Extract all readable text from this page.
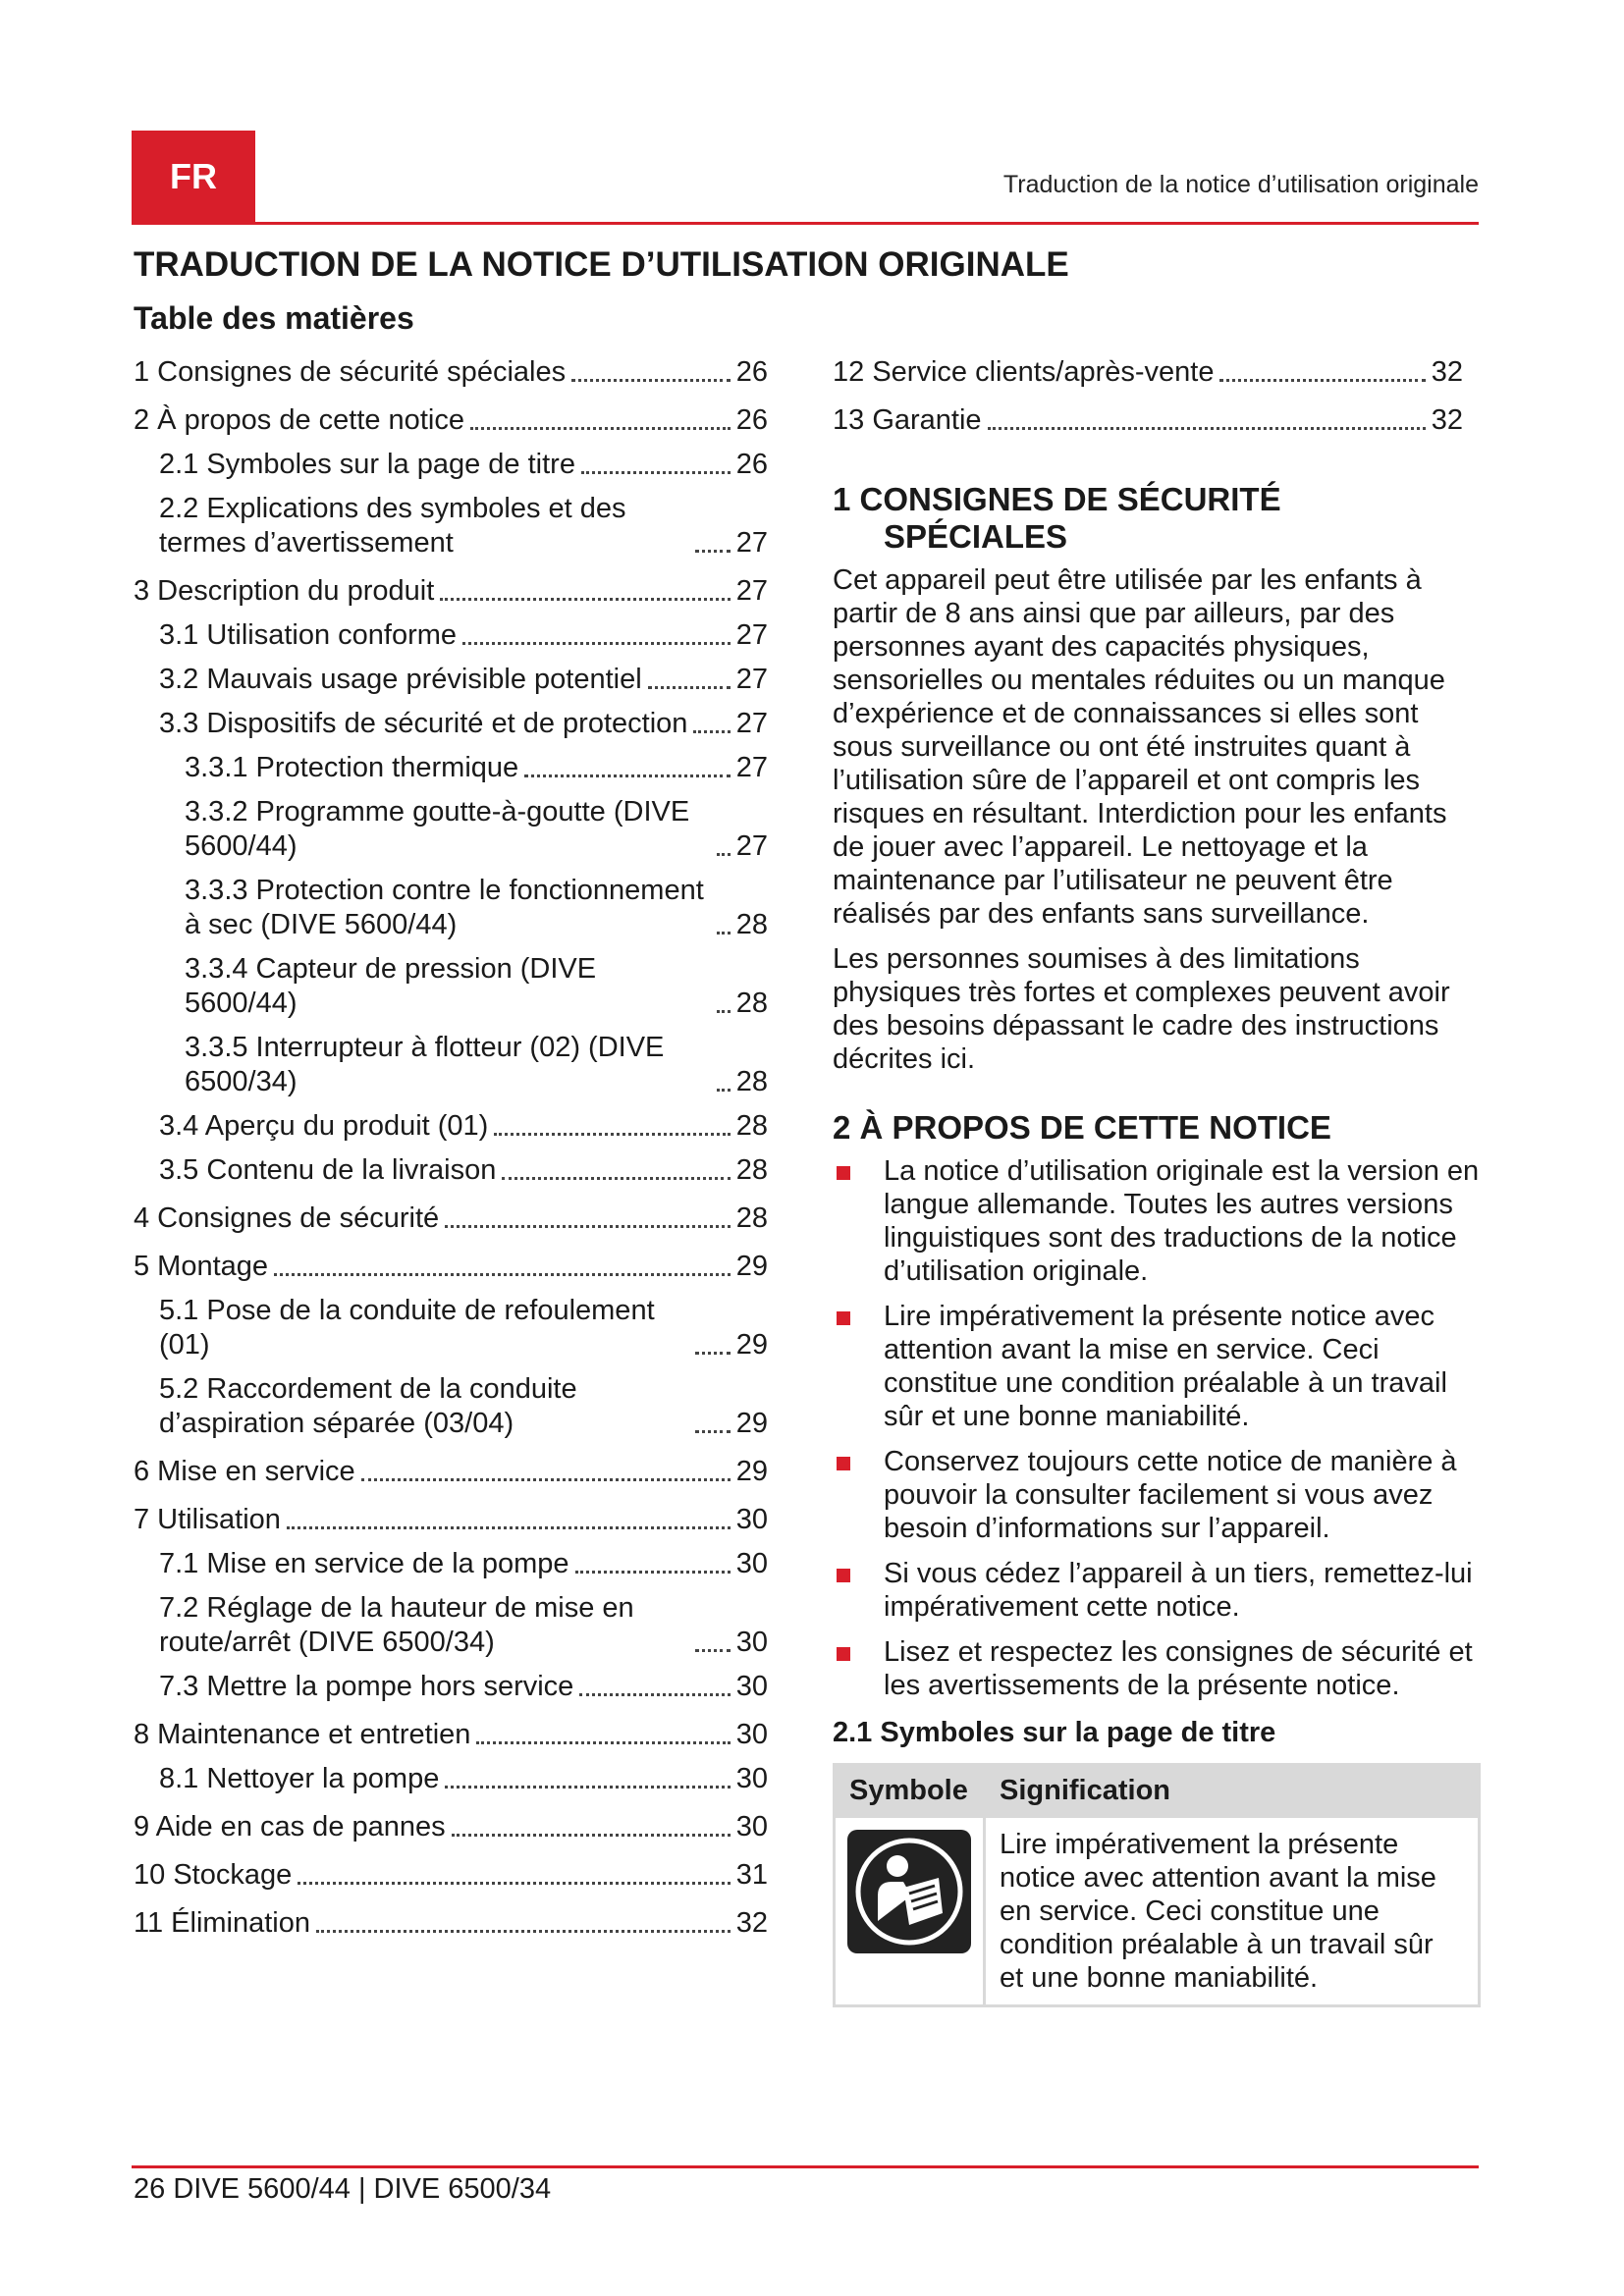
FR	Traduction de la notice d’utilisation originale
TRADUCTION DE LA NOTICE D’UTILISATION ORIGINALE
Table des matières
1 Consignes de sécurité spéciales	26
2 À propos de cette notice	26
2.1 Symboles sur la page de titre	26
2.2 Explications des symboles et des termes d’avertissement	27
3 Description du produit	27
3.1 Utilisation conforme	27
3.2 Mauvais usage prévisible potentiel	27
3.3 Dispositifs de sécurité et de protection 27
3.3.1 Protection thermique	27
3.3.2 Programme goutte-à-goutte (DIVE 5600/44)	27
3.3.3 Protection contre le fonctionnement à sec (DIVE 5600/44)	28
3.3.4 Capteur de pression (DIVE 5600/44)	28
3.3.5 Interrupteur à flotteur (02) (DIVE 6500/34)	28
3.4 Aperçu du produit (01)	28
3.5 Contenu de la livraison	28
4 Consignes de sécurité	28
5 Montage	29
5.1 Pose de la conduite de refoulement (01)	29
5.2 Raccordement de la conduite d’aspiration séparée (03/04)	29
6 Mise en service	29
7 Utilisation	30
7.1 Mise en service de la pompe	30
7.2 Réglage de la hauteur de mise en route/arrêt (DIVE 6500/34)	30
7.3 Mettre la pompe hors service	30
8 Maintenance et entretien	30
8.1 Nettoyer la pompe	30
9 Aide en cas de pannes	30
10 Stockage	31
11 Élimination	32
12 Service clients/après-vente	32
13 Garantie	32
1 CONSIGNES DE SÉCURITÉ
SPÉCIALES

Cet appareil peut être utilisée par les enfants à partir de 8 ans ainsi que par ailleurs, par des personnes ayant des capacités physiques, sensorielles ou mentales réduites ou un manque d’expérience et de connaissances si elles sont sous surveillance ou ont été instruites quant à l’utilisation sûre de l’appareil et ont compris les risques en résultant. Interdiction pour les enfants de jouer avec l’appareil. Le nettoyage et la maintenance par l’utilisateur ne peuvent être réalisés par des enfants sans surveillance.

Les personnes soumises à des limitations physiques très fortes et complexes peuvent avoir des besoins dépassant le cadre des instructions décrites ici.

2 À PROPOS DE CETTE NOTICE
La notice d’utilisation originale est la version en langue allemande. Toutes les autres versions linguistiques sont des traductions de la notice d’utilisation originale.
Lire impérativement la présente notice avec attention avant la mise en service. Ceci constitue une condition préalable à un travail sûr et une bonne maniabilité.
Conservez toujours cette notice de manière à pouvoir la consulter facilement si vous avez besoin d’informations sur l’appareil.
Si vous cédez l’appareil à un tiers, remettez-lui impérativement cette notice.
Lisez et respectez les consignes de sécurité et les avertissements de la présente notice.
2.1 Symboles sur la page de titre
Symbole	Signification

	Lire impérativement la présente notice avec attention avant la mise en service. Ceci constitue une condition préalable à un travail sûr et une bonne maniabilité.
26 DIVE 5600/44 | DIVE 6500/34
